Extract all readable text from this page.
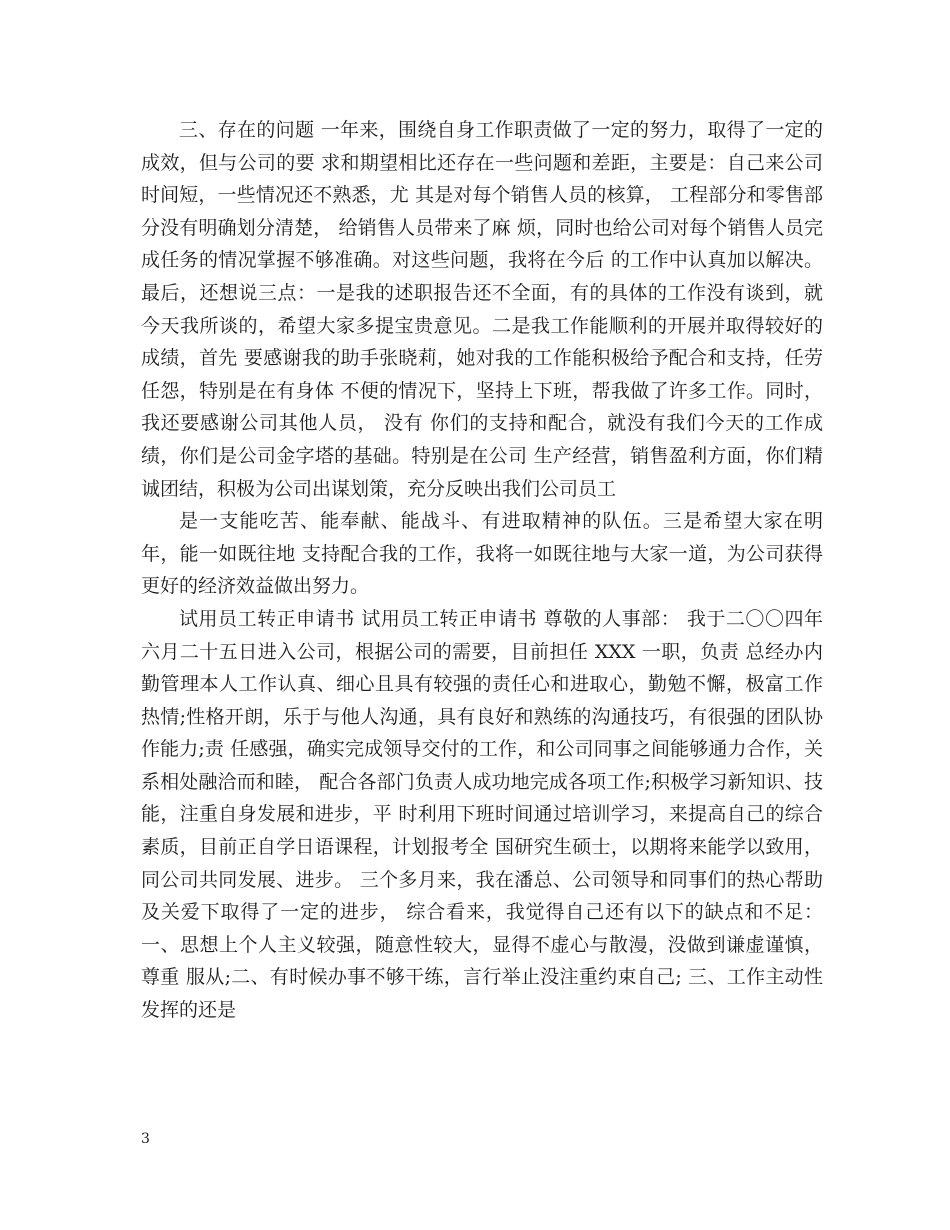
三、存在的问题 一年来，围绕自身工作职责做了一定的努力，取得了一定的成效，但与公司的要 求和期望相比还存在一些问题和差距，主要是：自己来公司时间短，一些情况还不熟悉，尤 其是对每个销售人员的核算， 工程部分和零售部分没有明确划分清楚， 给销售人员带来了麻 烦，同时也给公司对每个销售人员完成任务的情况掌握不够准确。对这些问题，我将在今后 的工作中认真加以解决。 最后，还想说三点：一是我的述职报告还不全面，有的具体的工作没有谈到，就今天我所谈的，希望大家多提宝贵意见。二是我工作能顺利的开展并取得较好的成绩，首先 要感谢我的助手张晓莉，她对我的工作能积极给予配合和支持，任劳任怨，特别是在有身体 不便的情况下，坚持上下班，帮我做了许多工作。同时，我还要感谢公司其他人员， 没有 你们的支持和配合，就没有我们今天的工作成绩，你们是公司金字塔的基础。特别是在公司 生产经营，销售盈利方面，你们精诚团结，积极为公司出谋划策，充分反映出我们公司员工

是一支能吃苦、能奉献、能战斗、有进取精神的队伍。三是希望大家在明年，能一如既往地 支持配合我的工作，我将一如既往地与大家一道，为公司获得更好的经济效益做出努力。

试用员工转正申请书 试用员工转正申请书 尊敬的人事部： 我于二〇〇四年六月二十五日进入公司，根据公司的需要，目前担任 XXX 一职，负责 总经办内勤管理本人工作认真、细心且具有较强的责任心和进取心，勤勉不懈，极富工作热情;性格开朗，乐于与他人沟通，具有良好和熟练的沟通技巧，有很强的团队协作能力;责 任感强，确实完成领导交付的工作，和公司同事之间能够通力合作，关系相处融洽而和睦， 配合各部门负责人成功地完成各项工作;积极学习新知识、技能，注重自身发展和进步，平 时利用下班时间通过培训学习，来提高自己的综合素质，目前正自学日语课程，计划报考全 国研究生硕士，以期将来能学以致用，同公司共同发展、进步。 三个多月来，我在潘总、公司领导和同事们的热心帮助及关爱下取得了一定的进步， 综合看来，我觉得自己还有以下的缺点和不足： 一、思想上个人主义较强，随意性较大，显得不虚心与散漫，没做到谦虚谨慎，尊重 服从;二、有时候办事不够干练，言行举止没注重约束自己; 三、工作主动性发挥的还是

3
